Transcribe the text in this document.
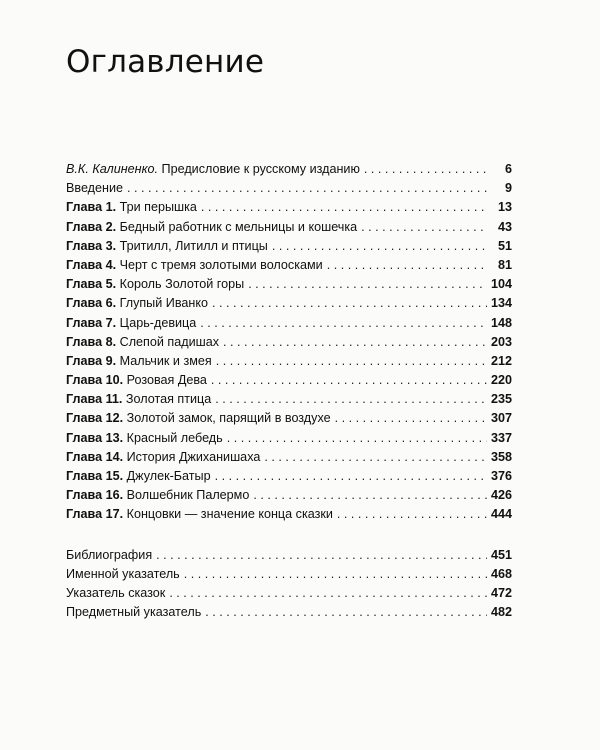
Оглавление
В.К. Калиненко. Предисловие к русскому изданию . . .	6
Введение . . .	9
Глава 1. Три перышка . . .	13
Глава 2. Бедный работник с мельницы и кошечка . . .	43
Глава 3. Тритилл, Литилл и птицы . . .	51
Глава 4. Черт с тремя золотыми волосками . . .	81
Глава 5. Король Золотой горы . . .	104
Глава 6. Глупый Иванко . . .	134
Глава 7. Царь-девица . . .	148
Глава 8. Слепой падишах . . .	203
Глава 9. Мальчик и змея . . .	212
Глава 10. Розовая Дева . . .	220
Глава 11. Золотая птица . . .	235
Глава 12. Золотой замок, парящий в воздухе . . .	307
Глава 13. Красный лебедь . . .	337
Глава 14. История Джиханишаха . . .	358
Глава 15. Джулек-Батыр . . .	376
Глава 16. Волшебник Палермо . . .	426
Глава 17. Концовки — значение конца сказки . . .	444
Библиография . . .	451
Именной указатель . . .	468
Указатель сказок . . .	472
Предметный указатель . . .	482
